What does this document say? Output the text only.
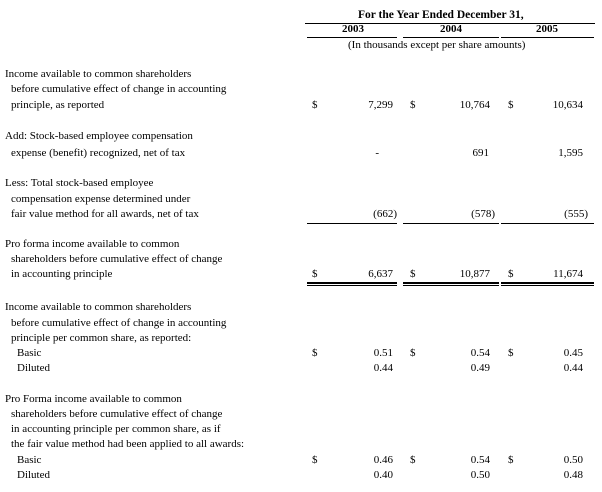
For the Year Ended December 31,
2003	2004	2005
(In thousands except per share amounts)
Income available to common shareholders
before cumulative effect of change in accounting
principle, as reported	$	7,299 $	10,764 $	10,634
Add: Stock-based employee compensation
expense (benefit) recognized, net of tax	-	691	1,595
Less: Total stock-based employee
compensation expense determined under
fair value method for all awards, net of tax	(662)	(578)	(555)
Pro forma income available to common
shareholders before cumulative effect of change
in accounting principle	$	6,637 $	10,877 $	11,674
Income available to common shareholders
before cumulative effect of change in accounting
principle per common share, as reported:
Basic	$	0.51 $	0.54 $	0.45
Diluted	0.44	0.49	0.44
Pro Forma income available to common
shareholders before cumulative effect of change
in accounting principle per common share, as if
the fair value method had been applied to all awards:
Basic	$	0.46 $	0.54 $	0.50
Diluted	0.40	0.50	0.48
